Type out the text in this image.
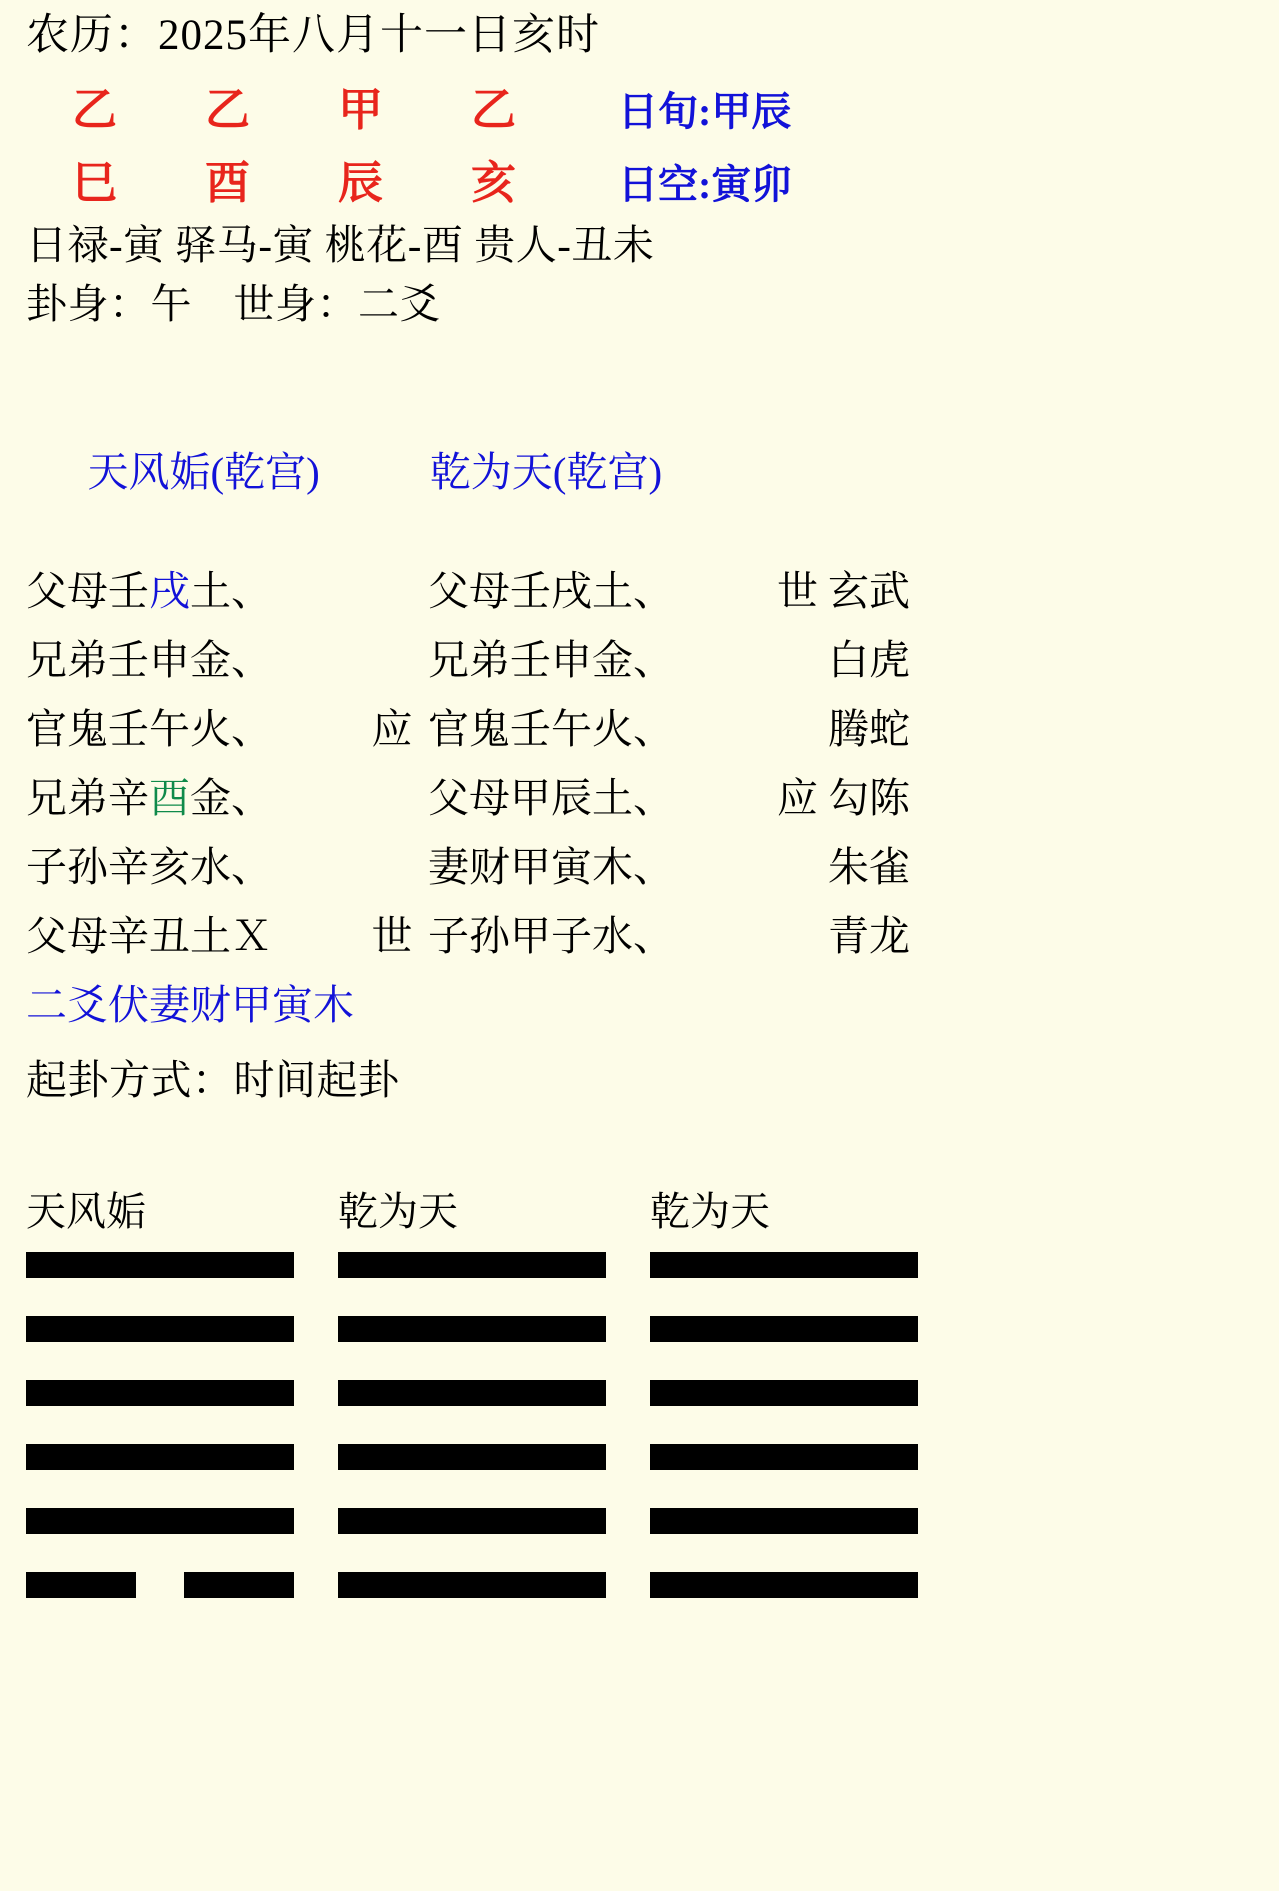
农历：2025年八月十一日亥时
乙	乙	甲	乙	日旬:甲辰
巳	酉	辰	亥	日空:寅卯
日禄-寅 驿马-寅 桃花-酉 贵人-丑未
卦身：午　世身：二爻

天风姤(乾宫)	乾为天(乾宫)

父母壬戌土、	父母壬戌土、	世 玄武
兄弟壬申金、	兄弟壬申金、	白虎
官鬼壬午火、	应 官鬼壬午火、	腾蛇
兄弟辛酉金、	父母甲辰土、	应 勾陈
子孙辛亥水、	妻财甲寅木、	朱雀
父母辛丑土Ｘ	世 子孙甲子水、	青龙
二爻伏妻财甲寅木
起卦方式：时间起卦
天风姤	乾为天	乾为天
